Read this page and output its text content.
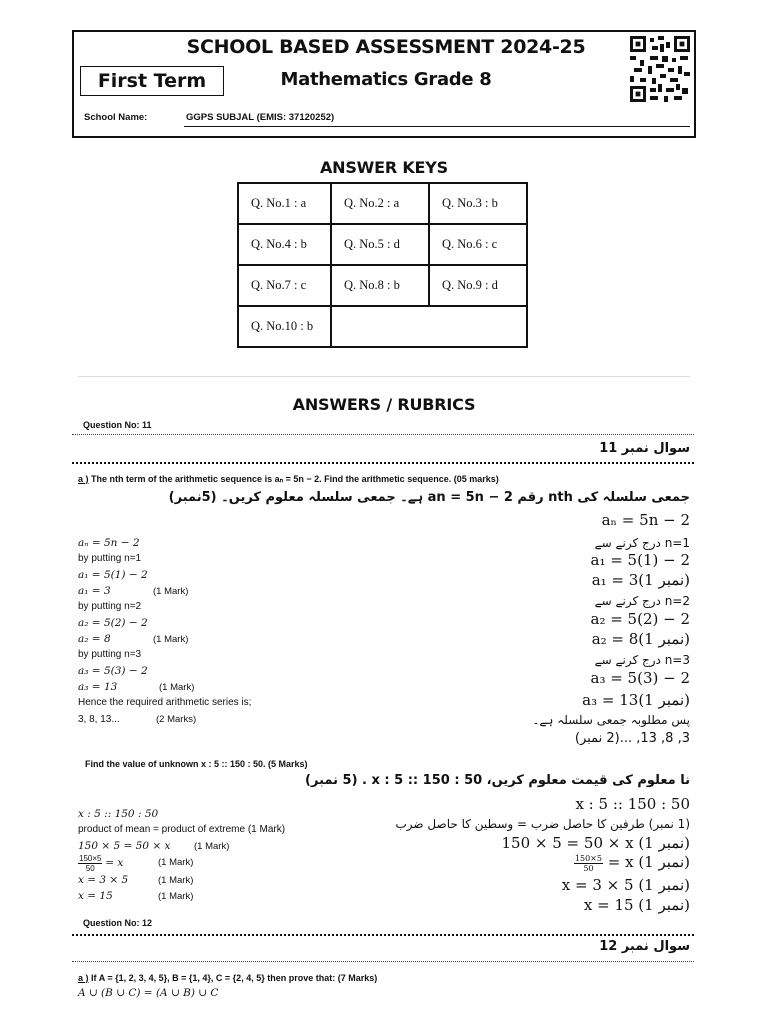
SCHOOL BASED ASSESSMENT 2024-25
First Term	Mathematics Grade 8
School Name:	GGPS SUBJAL (EMIS: 37120252)
ANSWER KEYS
Q. No.1 : a	Q. No.2 : a	Q. No.3 : b
Q. No.4 : b	Q. No.5 : d	Q. No.6 : c
Q. No.7 : c	Q. No.8 : b	Q. No.9 : d
Q. No.10 : b		
ANSWERS / RUBRICS
Question No: 11
سوال نمبر 11
a ) The nth term of the arithmetic sequence is aₙ = 5n − 2. Find the arithmetic sequence. (05 marks)
جمعی سلسلہ کی nth رقم an = 5n − 2 ہے۔ جمعی سلسلہ معلوم کریں۔ (5نمبر)
aₙ = 5n − 2
by putting n=1
a₁ = 5(1) − 2
a₁ = 3	(1 Mark)
by putting n=2
a₂ = 5(2) − 2
a₂ = 8	(1 Mark)
by putting n=3
a₃ = 5(3) − 2
a₃ = 13	(1 Mark)
Hence the required arithmetic series is;
3, 8, 13...	(2 Marks)
aₙ = 5n − 2
n=1 درج کرنے سے
a₁ = 5(1) − 2
a₁ = 3(1 نمبر)
n=2 درج کرنے سے
a₂ = 5(2) − 2
a₂ = 8(1 نمبر)
n=3 درج کرنے سے
a₃ = 5(3) − 2
a₃ = 13(1 نمبر)
پس مطلوبہ جمعی سلسلہ ہے۔
3, 8, 13, ...(2 نمبر)
Find the value of unknown x : 5 :: 150 : 50. (5 Marks)
نا معلوم کی قیمت معلوم کریں، 50 : 150 :: 5 : x . (5 نمبر)
x : 5 :: 150 : 50
product of mean = product of extreme (1 Mark)
150 × 5 = 50 × x (1 Mark)
$\frac{150\times 5}{50} = x$	(1 Mark)
x = 3 × 5	(1 Mark)
x = 15	(1 Mark)
x : 5 :: 150 : 50
(1 نمبر) طرفین کا حاصل ضرب = وسطین کا حاصل ضرب
150 × 5 = 50 × x (1 نمبر)
$\frac{150\times 5}{50} = x$ (1 نمبر)
x = 3 × 5 (1 نمبر)
x = 15 (1 نمبر)
Question No: 12
سوال نمبر 12
a ) If A = {1, 2, 3, 4, 5}, B = {1, 4}, C = {2, 4, 5} then prove that: (7 Marks)
A ∪ (B ∪ C) = (A ∪ B) ∪ C
